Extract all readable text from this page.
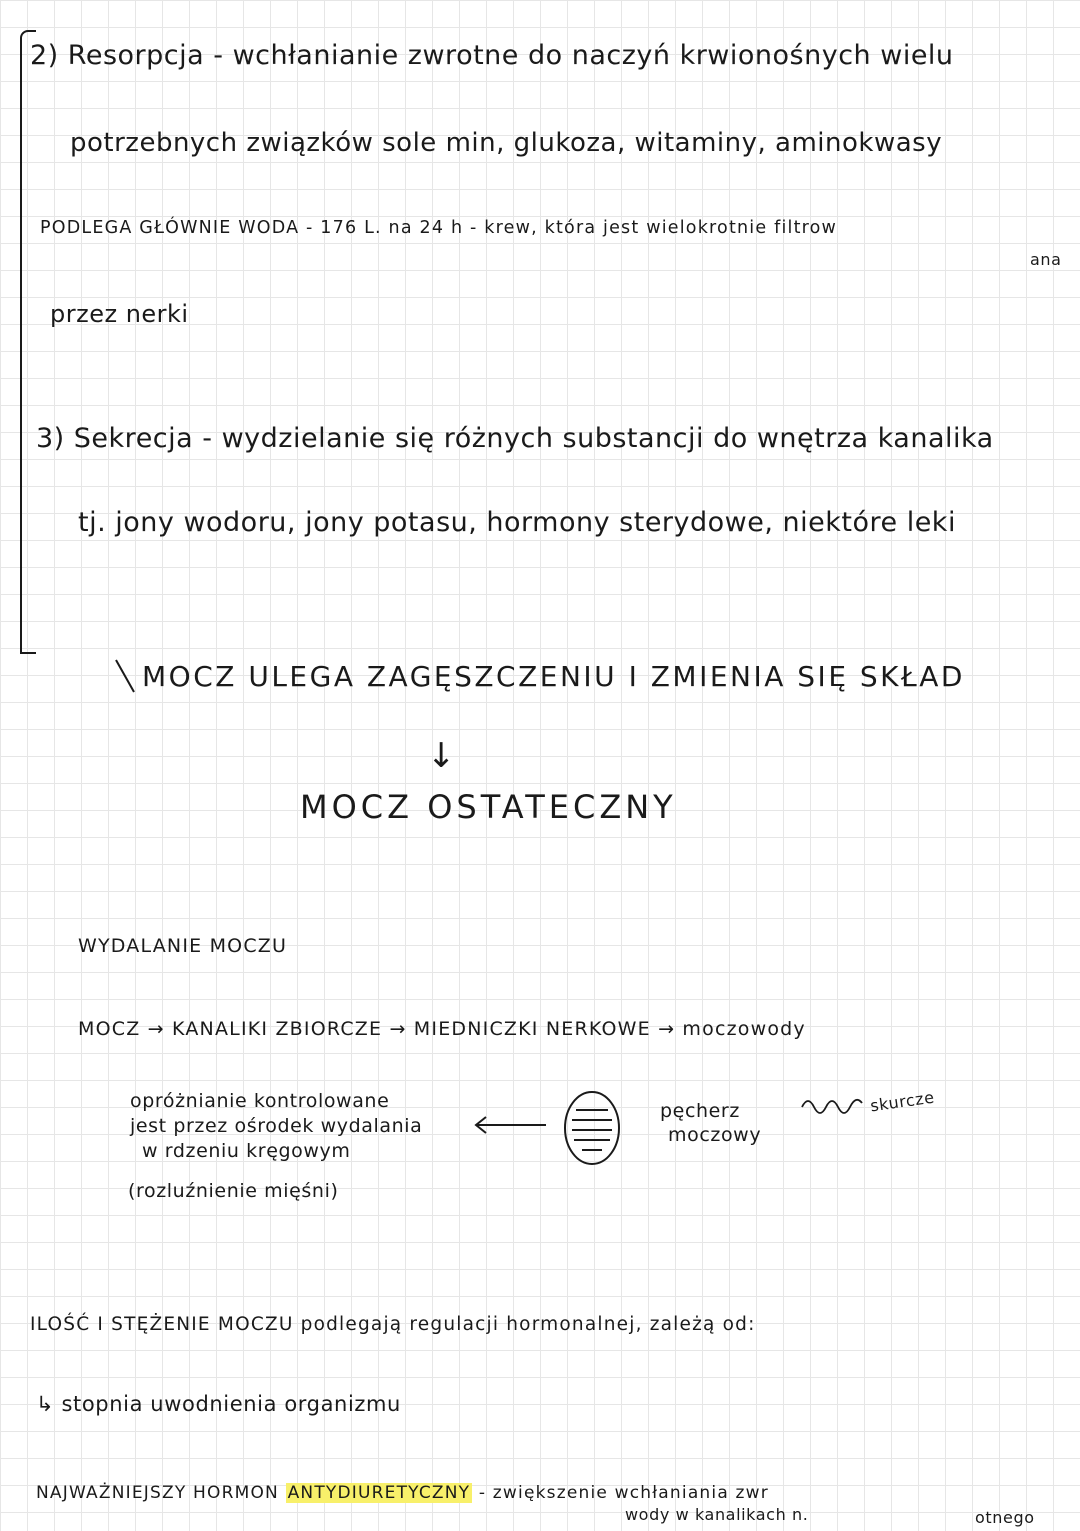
2) Resorpcja - wchłanianie zwrotne do naczyń krwionośnych wielu
potrzebnych związków sole min, glukoza, witaminy, aminokwasy
PODLEGA GŁÓWNIE WODA - 176 L. na 24 h - krew, która jest wielokrotnie filtrow
ana
przez nerki
3) Sekrecja - wydzielanie się różnych substancji do wnętrza kanalika
tj. jony wodoru, jony potasu, hormony sterydowe, niektóre leki
MOCZ ULEGA ZAGĘSZCZENIU I ZMIENIA SIĘ SKŁAD
↓
MOCZ OSTATECZNY
WYDALANIE MOCZU
MOCZ → KANALIKI ZBIORCZE → MIEDNICZKI NERKOWE → moczowody
opróżnianie kontrolowane
jest przez ośrodek wydalania
w rdzeniu kręgowym
(rozluźnienie mięśni)
pęcherz
moczowy
skurcze
ILOŚĆ I STĘŻENIE MOCZU podlegają regulacji hormonalnej, zależą od:
↳ stopnia uwodnienia organizmu
NAJWAŻNIEJSZY HORMON ANTYDIURETYCZNY - zwiększenie wchłaniania zwr
wody w kanalikach n.	otnego
